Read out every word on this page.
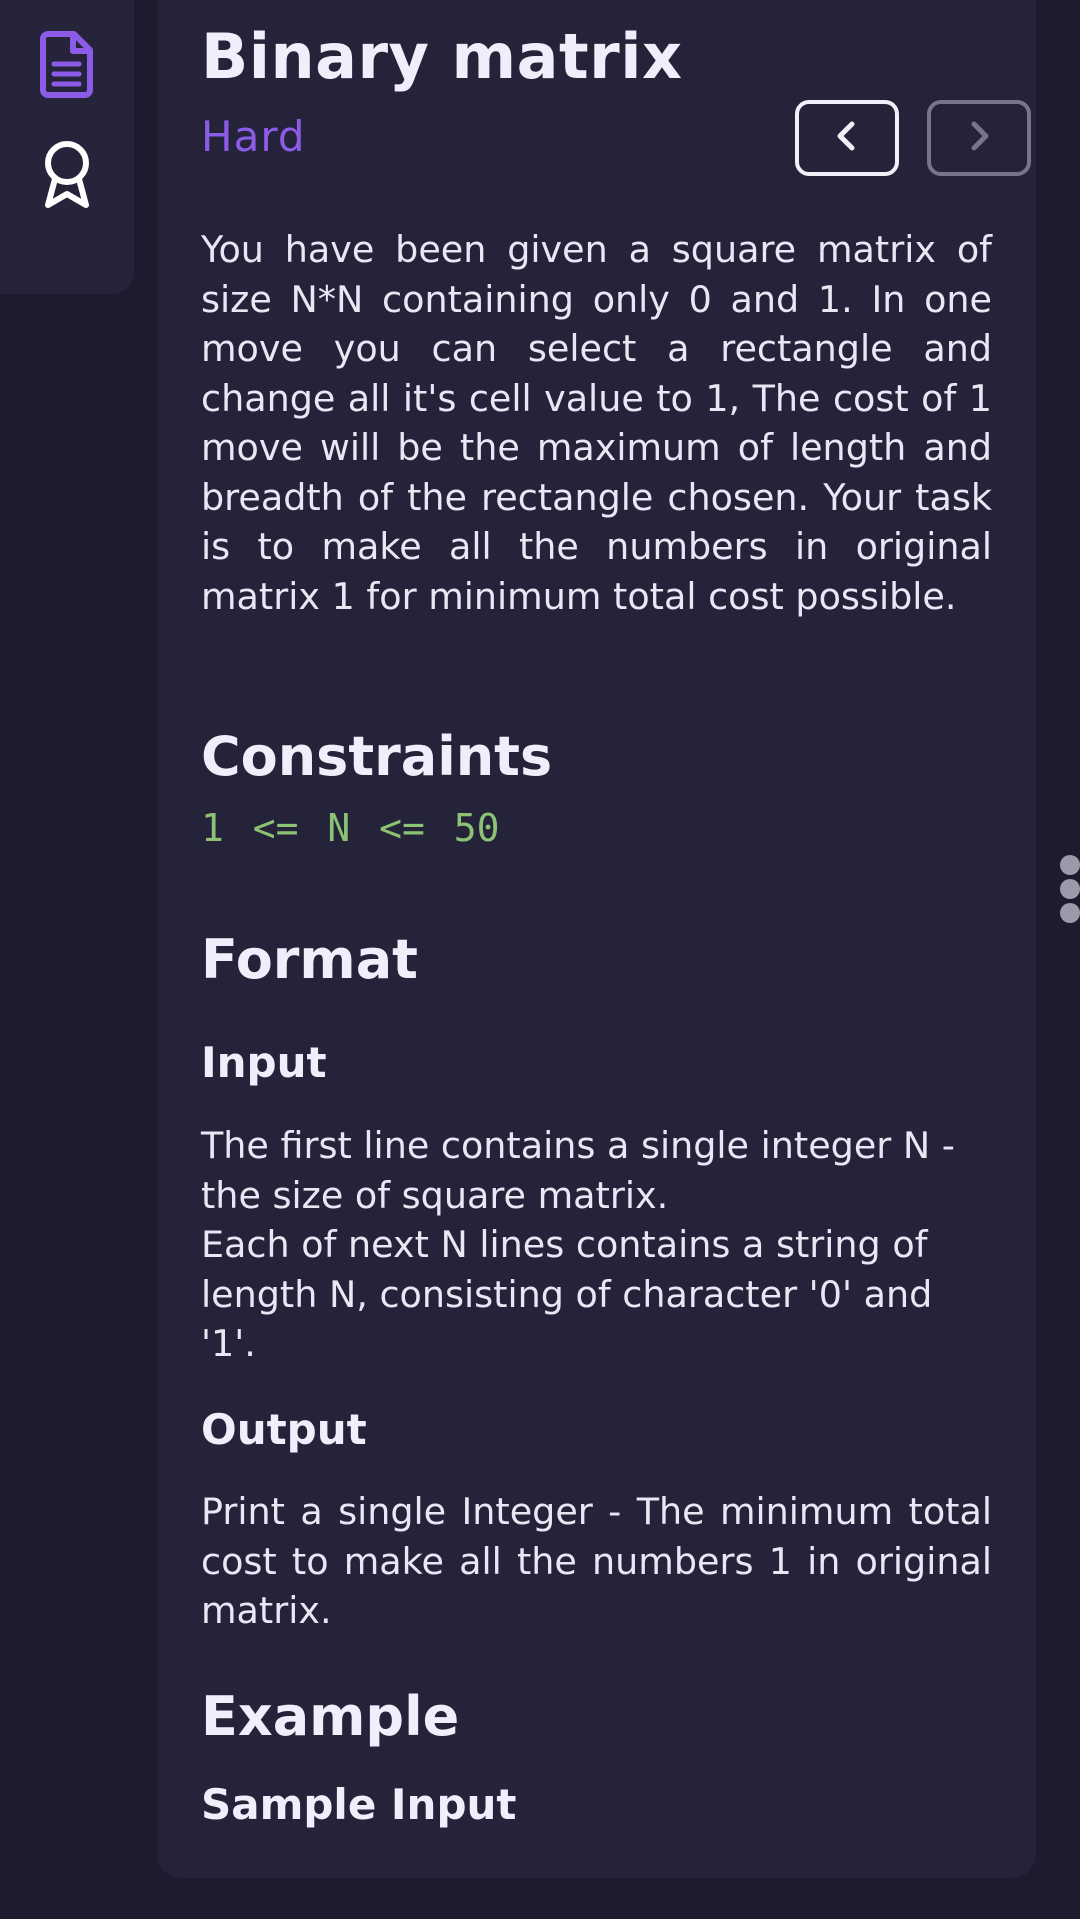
Binary matrix
Hard

You have been given a square matrix of size N*N containing only 0 and 1. In one move you can select a rectangle and change all it's cell value to 1, The cost of 1 move will be the maximum of length and breadth of the rectangle chosen. Your task is to make all the numbers in original matrix 1 for minimum total cost possible.

Constraints
1 <= N <= 50
Format
Input

The first line contains a single integer N - the size of square matrix.

Each of next N lines contains a string of length N, consisting of character '0' and '1'.

Output

Print a single Integer - The minimum total cost to make all the numbers 1 in original matrix.

Example
Sample Input
